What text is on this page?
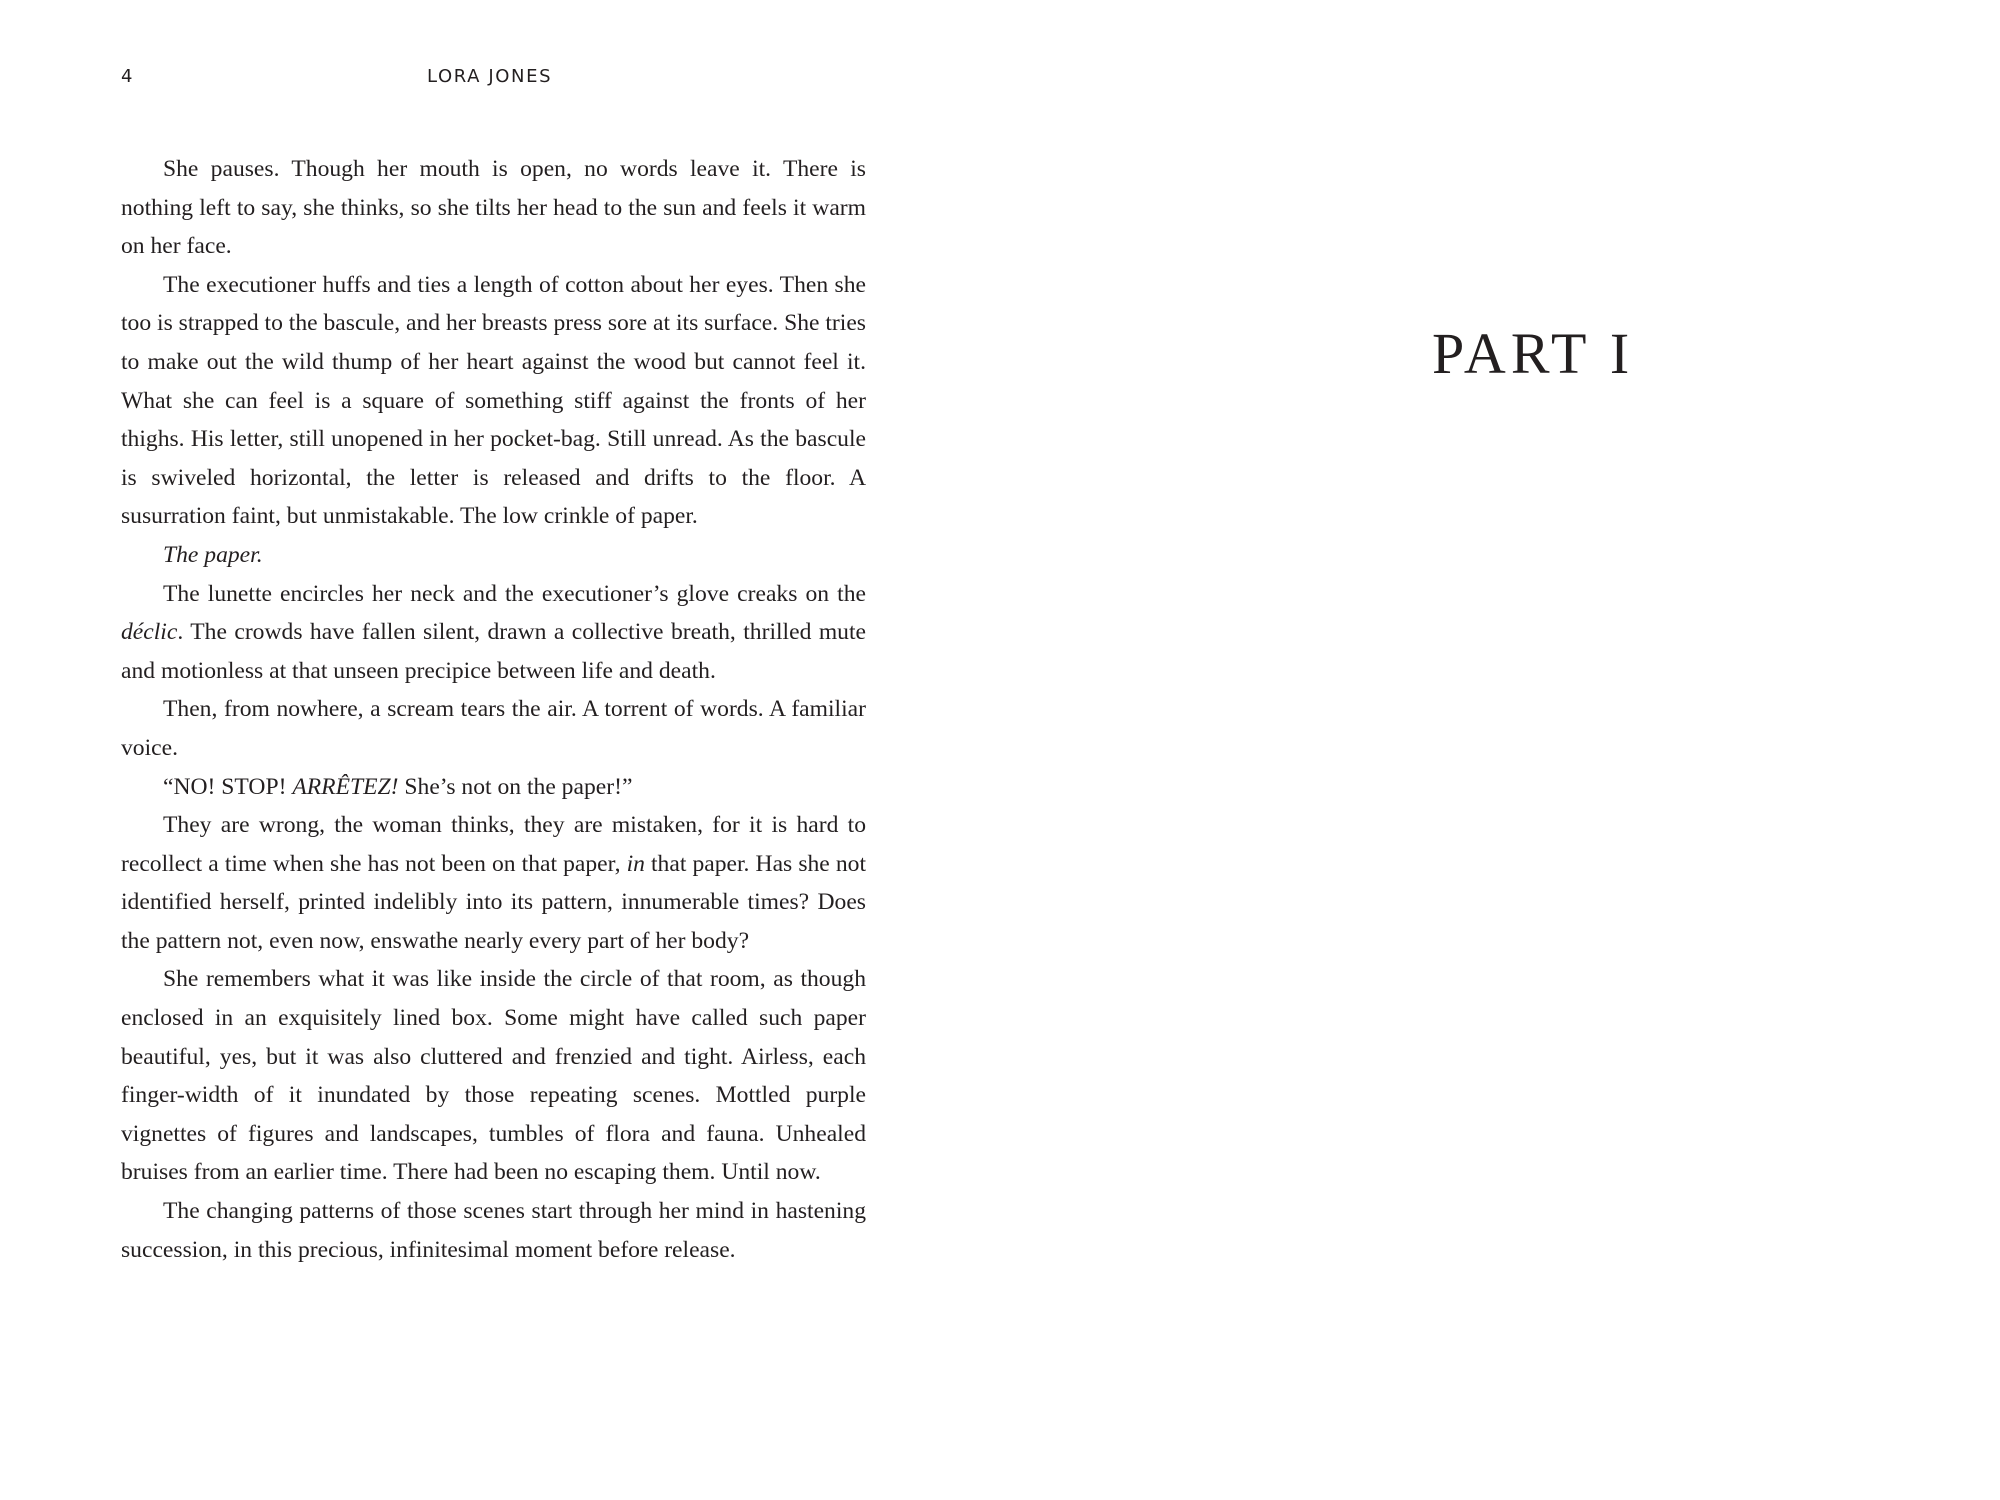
4	LORA JONES

She pauses. Though her mouth is open, no words leave it. There is nothing left to say, she thinks, so she tilts her head to the sun and feels it warm on her face.

The executioner huffs and ties a length of cotton about her eyes. Then she too is strapped to the bascule, and her breasts press sore at its surface. She tries to make out the wild thump of her heart against the wood but cannot feel it. What she can feel is a square of something stiff against the fronts of her thighs. His letter, still unopened in her pocket-bag. Still unread. As the bascule is swiveled horizontal, the letter is released and drifts to the floor. A susurration faint, but unmistakable. The low crinkle of paper.

The paper.

The lunette encircles her neck and the executioner’s glove creaks on the déclic. The crowds have fallen silent, drawn a collective breath, thrilled mute and motionless at that unseen precipice between life and death.

Then, from nowhere, a scream tears the air. A torrent of words. A familiar voice.

“NO! STOP! ARRÊTEZ! She’s not on the paper!”

They are wrong, the woman thinks, they are mistaken, for it is hard to recollect a time when she has not been on that paper, in that paper. Has she not identified herself, printed indelibly into its pattern, innumerable times? Does the pattern not, even now, enswathe nearly every part of her body?

She remembers what it was like inside the circle of that room, as though enclosed in an exquisitely lined box. Some might have called such paper beautiful, yes, but it was also cluttered and frenzied and tight. Airless, each finger-width of it inundated by those repeating scenes. Mottled purple vignettes of figures and landscapes, tumbles of flora and fauna. Unhealed bruises from an earlier time. There had been no escaping them. Until now.

The changing patterns of those scenes start through her mind in hastening succession, in this precious, infinitesimal moment before release.

PART I
